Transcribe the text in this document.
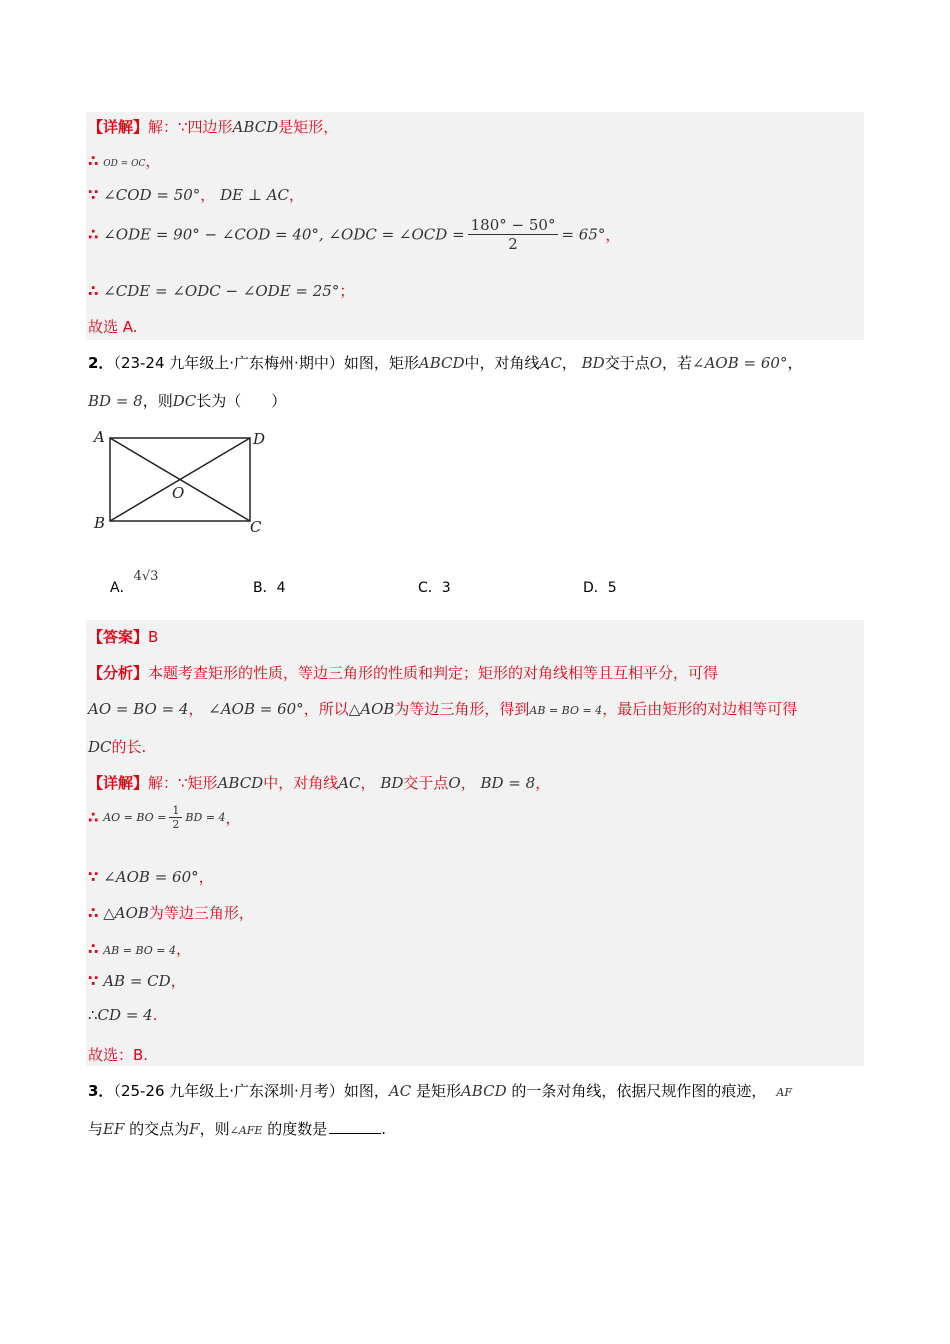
【详解】解：∵四边形ABCD是矩形，
∴ OD = OC，
∵ ∠COD = 50°， DE ⊥ AC，
∴ ∠ODE = 90° − ∠COD = 40°, ∠ODC = ∠OCD = $\frac{180^\circ - 50^\circ}{2} = 65^\circ$，
∴ ∠CDE = ∠ODC − ∠ODE = 25°；
故选 A.
2．（23-24 九年级上·广东梅州·期中）如图，矩形ABCD中，对角线AC， BD交于点O，若∠AOB = 60°，
BD = 8，则DC长为（　　）
A
B	C
D
O
A．4√3
B．4	C．3	D．5
【答案】B
【分析】本题考查矩形的性质，等边三角形的性质和判定；矩形的对角线相等且互相平分，可得
AO = BO = 4， ∠AOB = 60°，所以△AOB为等边三角形，得到AB = BO = 4，最后由矩形的对边相等可得
DC的长.
【详解】解：∵矩形ABCD中，对角线AC， BD交于点O， BD = 8，
∴ AO = BO = $\frac{1}{2}$ BD = 4，
∵ ∠AOB = 60°，
∴ △AOB为等边三角形，
∴ AB = BO = 4，
∵ AB = CD，
∴CD = 4.
故选：B.
3．（25-26 九年级上·广东深圳·月考）如图，AC 是矩形ABCD 的一条对角线，依据尺规作图的痕迹， AF
与EF 的交点为F，则∠AFE 的度数是	.
